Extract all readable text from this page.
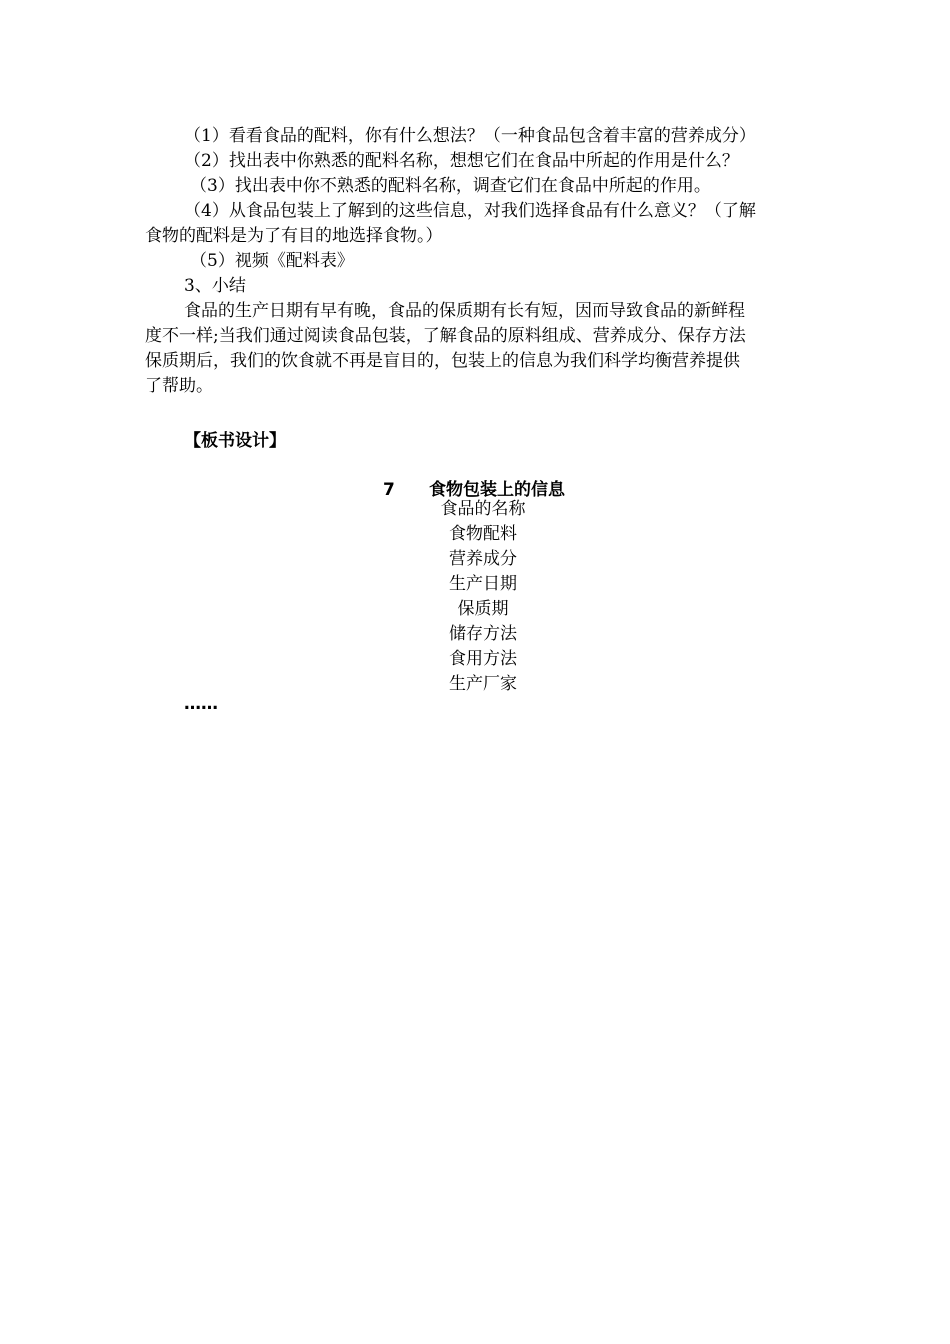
（1）看看食品的配料，你有什么想法？（一种食品包含着丰富的营养成分）
（2）找出表中你熟悉的配料名称，想想它们在食品中所起的作用是什么？
（3）找出表中你不熟悉的配料名称，调查它们在食品中所起的作用。
（4）从食品包装上了解到的这些信息，对我们选择食品有什么意义？（了解
食物的配料是为了有目的地选择食物。）
（5）视频《配料表》
3、小结
食品的生产日期有早有晚，食品的保质期有长有短，因而导致食品的新鲜程
度不一样;当我们通过阅读食品包装，了解食品的原料组成、营养成分、保存方法
保质期后，我们的饮食就不再是盲目的，包装上的信息为我们科学均衡营养提供
了帮助。
【板书设计】
7 食物包装上的信息
食品的名称
食物配料
营养成分
生产日期
保质期
储存方法
食用方法
生产厂家
……
